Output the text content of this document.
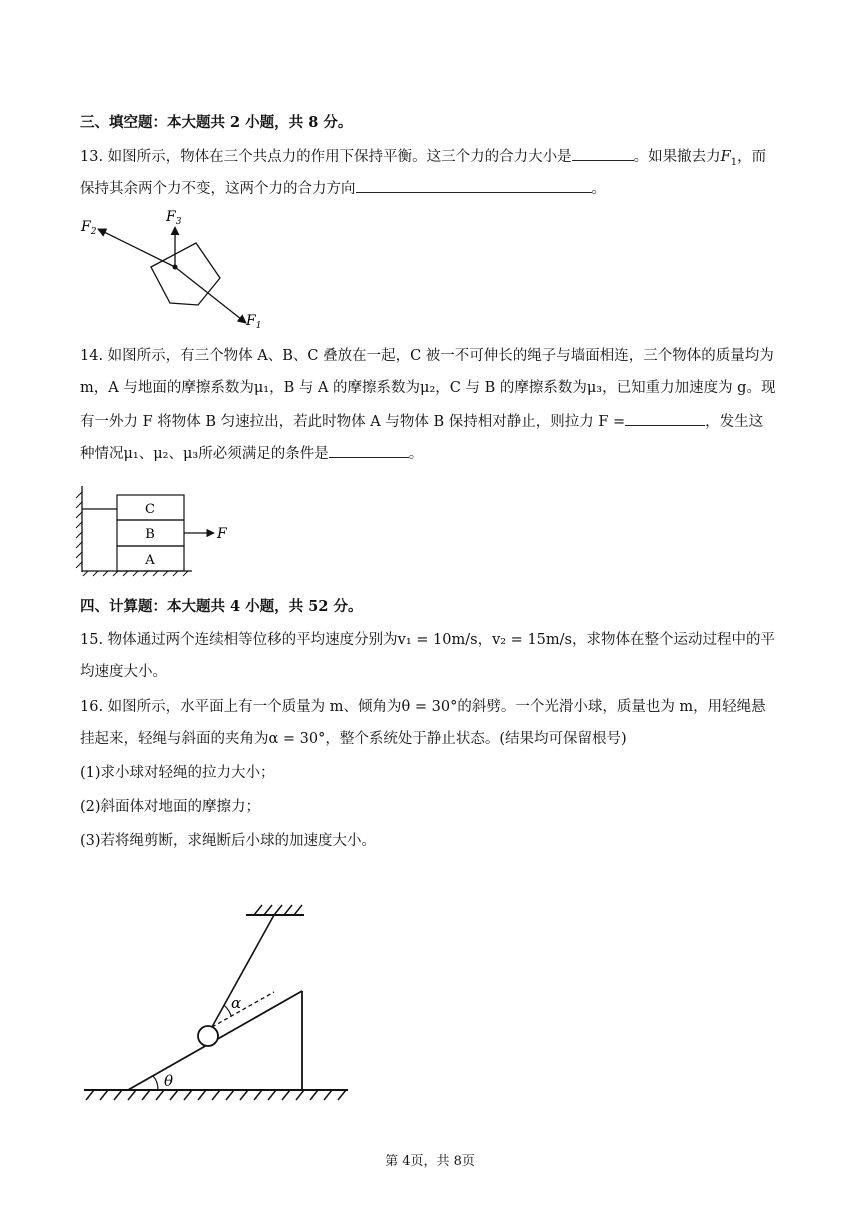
三、填空题：本大题共 2 小题，共 8 分。
13. 如图所示，物体在三个共点力的作用下保持平衡。这三个力的合力大小是	。如果撤去力$F_1$，而
保持其余两个力不变，这两个力的合力方向	。
$F_2$
$F_3$
$F_1$
14. 如图所示，有三个物体 A、B、C 叠放在一起，C 被一不可伸长的绳子与墙面相连，三个物体的质量均为
m，A 与地面的摩擦系数为μ₁，B 与 A 的摩擦系数为μ₂，C 与 B 的摩擦系数为μ₃，已知重力加速度为 g。现
有一外力 F 将物体 B 匀速拉出，若此时物体 A 与物体 B 保持相对静止，则拉力 F =	，发生这
种情况μ₁、μ₂、μ₃所必须满足的条件是	。
C
B
A
F
四、计算题：本大题共 4 小题，共 52 分。
15. 物体通过两个连续相等位移的平均速度分别为v₁ = 10m/s，v₂ = 15m/s，求物体在整个运动过程中的平
均速度大小。
16. 如图所示，水平面上有一个质量为 m、倾角为θ = 30°的斜劈。一个光滑小球，质量也为 m，用轻绳悬
挂起来，轻绳与斜面的夹角为α = 30°，整个系统处于静止状态。(结果均可保留根号)
(1)求小球对轻绳的拉力大小；
(2)斜面体对地面的摩擦力；
(3)若将绳剪断，求绳断后小球的加速度大小。
α
θ
第 4页，共 8页
